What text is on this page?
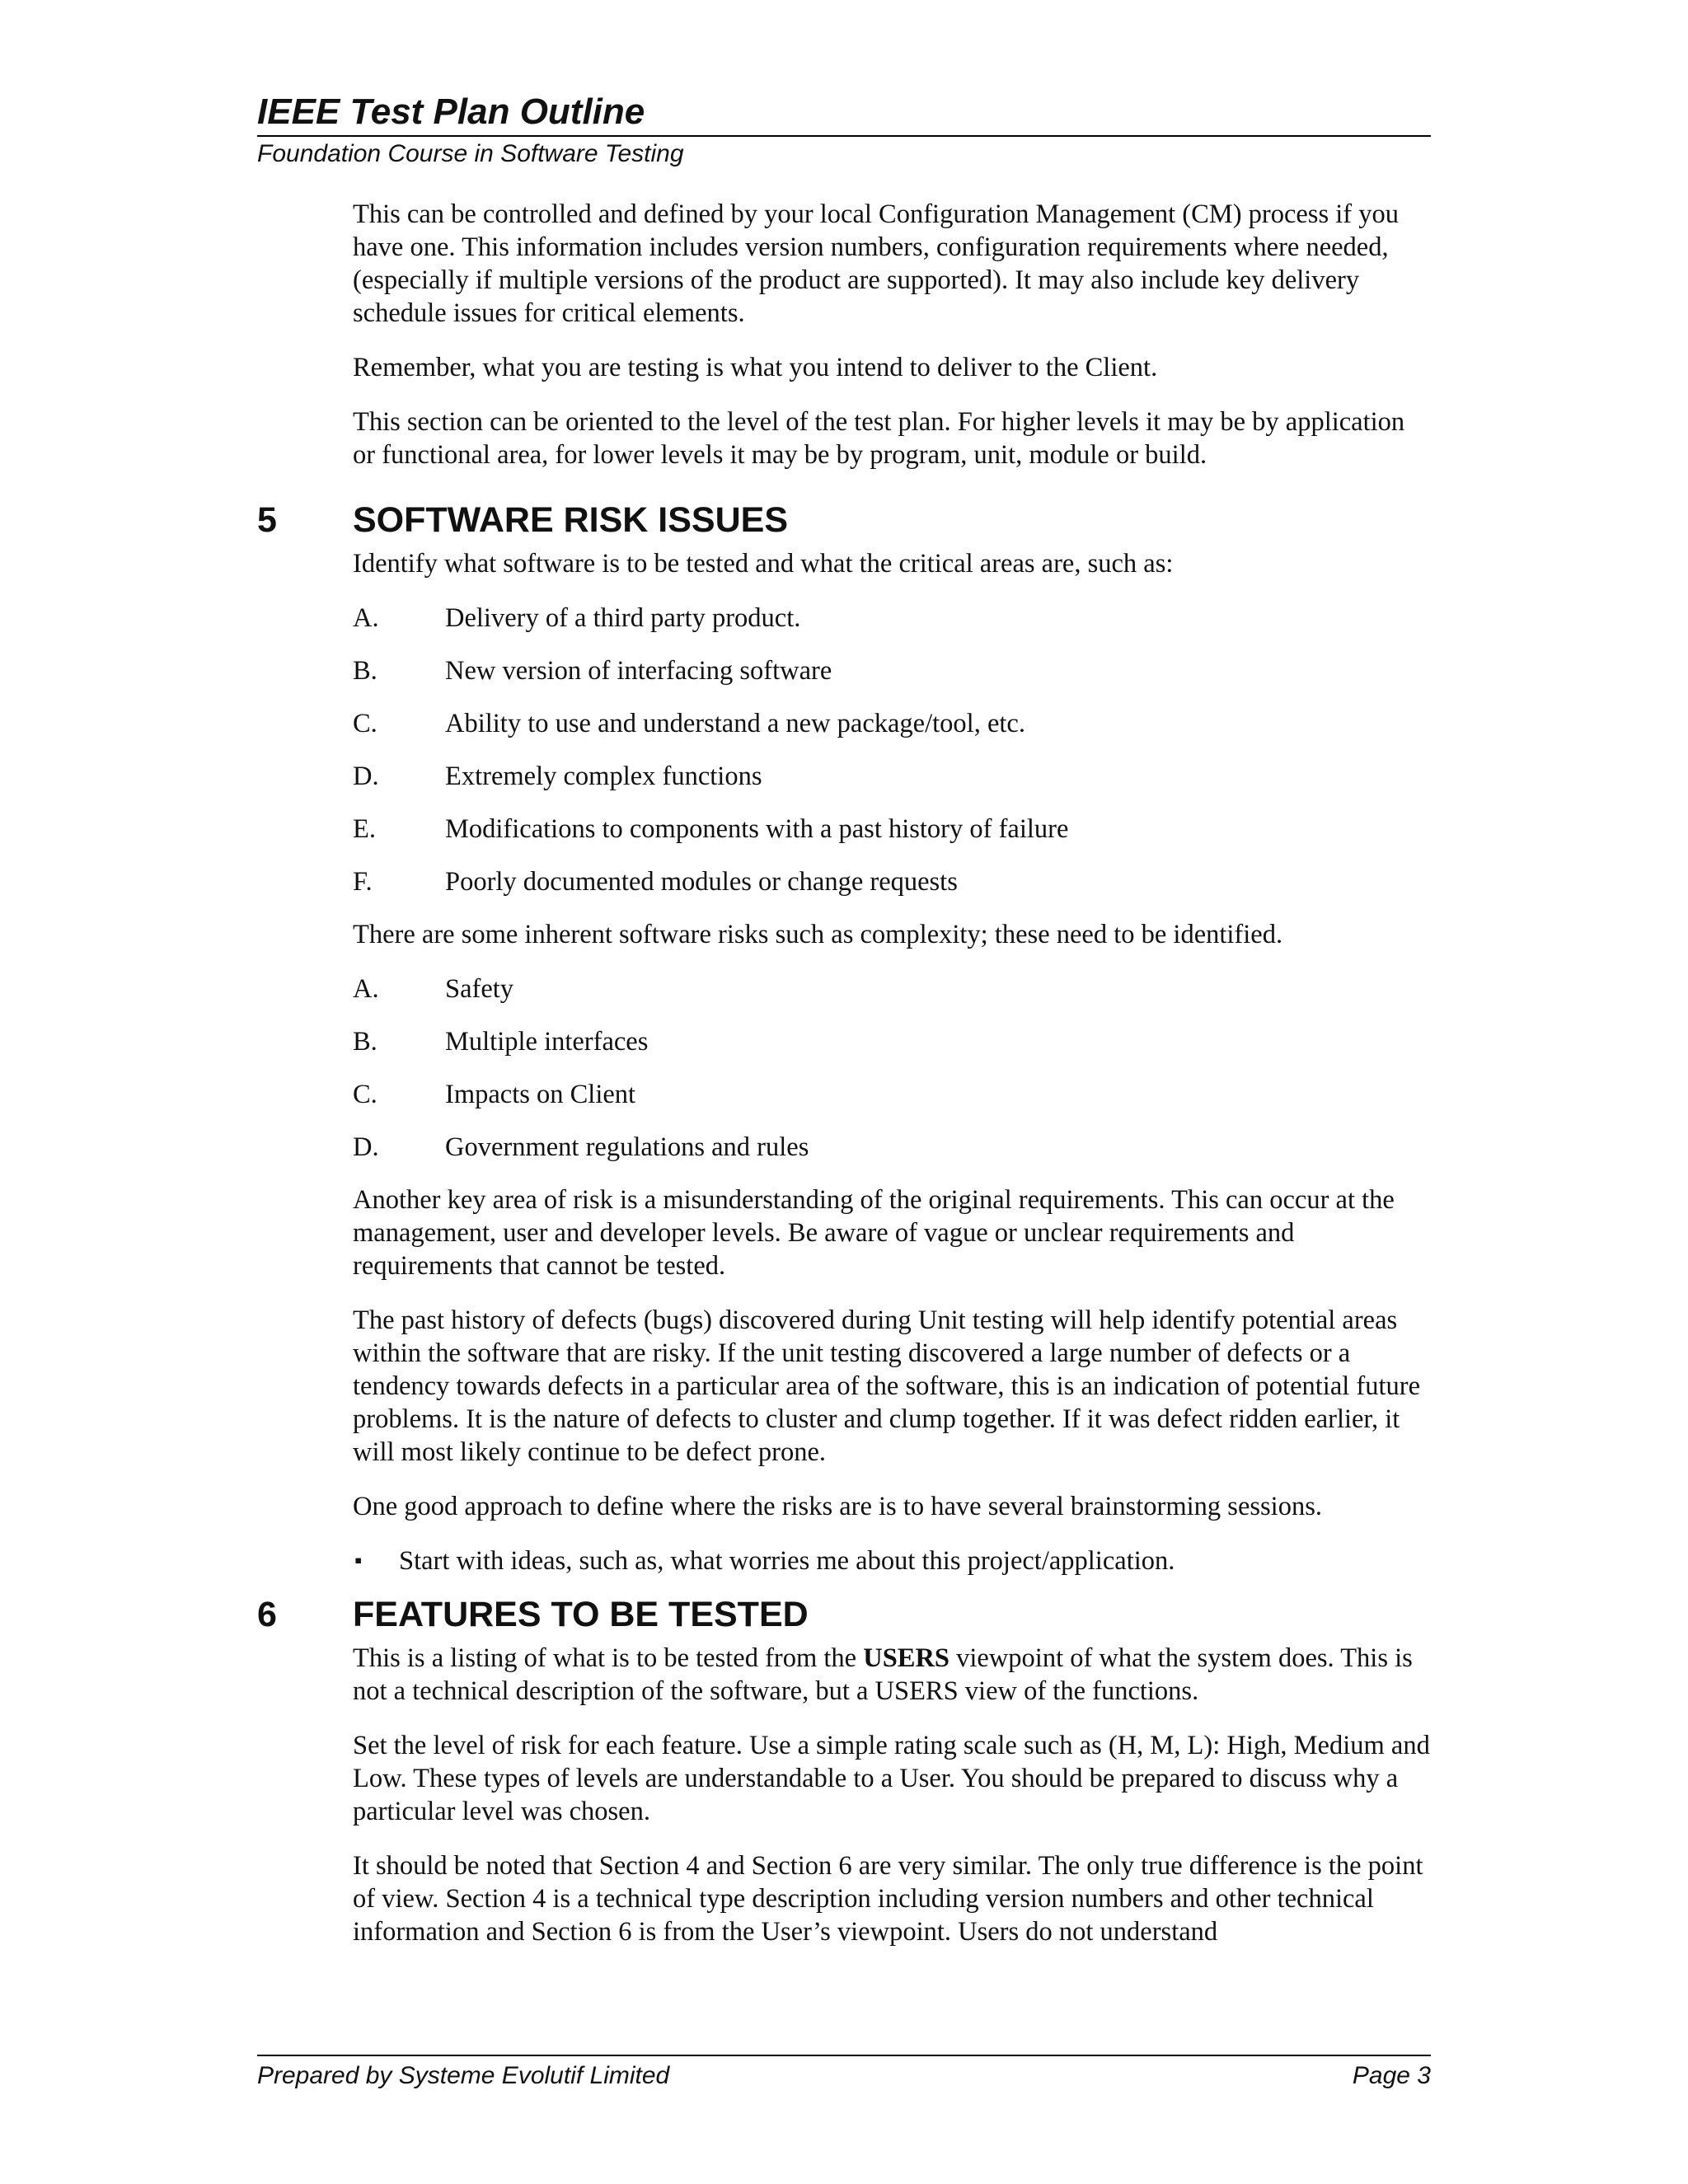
IEEE Test Plan Outline
Foundation Course in Software Testing

This can be controlled and defined by your local Configuration Management (CM) process if you have one. This information includes version numbers, configuration requirements where needed, (especially if multiple versions of the product are supported). It may also include key delivery schedule issues for critical elements.

Remember, what you are testing is what you intend to deliver to the Client.

This section can be oriented to the level of the test plan. For higher levels it may be by application or functional area, for lower levels it may be by program, unit, module or build.

5 SOFTWARE RISK ISSUES

Identify what software is to be tested and what the critical areas are, such as:

A. Delivery of a third party product.
B.	New version of interfacing software
C.	Ability to use and understand a new package/tool, etc.
D. Extremely complex functions
E.	Modifications to components with a past history of failure
F.	Poorly documented modules or change requests

There are some inherent software risks such as complexity; these need to be identified.

A. Safety
B.	Multiple interfaces
C.	Impacts on Client
D. Government regulations and rules

Another key area of risk is a misunderstanding of the original requirements. This can occur at the management, user and developer levels. Be aware of vague or unclear requirements and requirements that cannot be tested.

The past history of defects (bugs) discovered during Unit testing will help identify potential areas within the software that are risky. If the unit testing discovered a large number of defects or a tendency towards defects in a particular area of the software, this is an indication of potential future problems. It is the nature of defects to cluster and clump together. If it was defect ridden earlier, it will most likely continue to be defect prone.

One good approach to define where the risks are is to have several brainstorming sessions.

▪ Start with ideas, such as, what worries me about this project/application.
6 FEATURES TO BE TESTED

This is a listing of what is to be tested from the USERS viewpoint of what the system does. This is not a technical description of the software, but a USERS view of the functions.

Set the level of risk for each feature. Use a simple rating scale such as (H, M, L): High, Medium and Low. These types of levels are understandable to a User. You should be prepared to discuss why a particular level was chosen.

It should be noted that Section 4 and Section 6 are very similar. The only true difference is the point of view. Section 4 is a technical type description including version numbers and other technical information and Section 6 is from the User’s viewpoint. Users do not understand

Prepared by Systeme Evolutif Limited	Page 3
